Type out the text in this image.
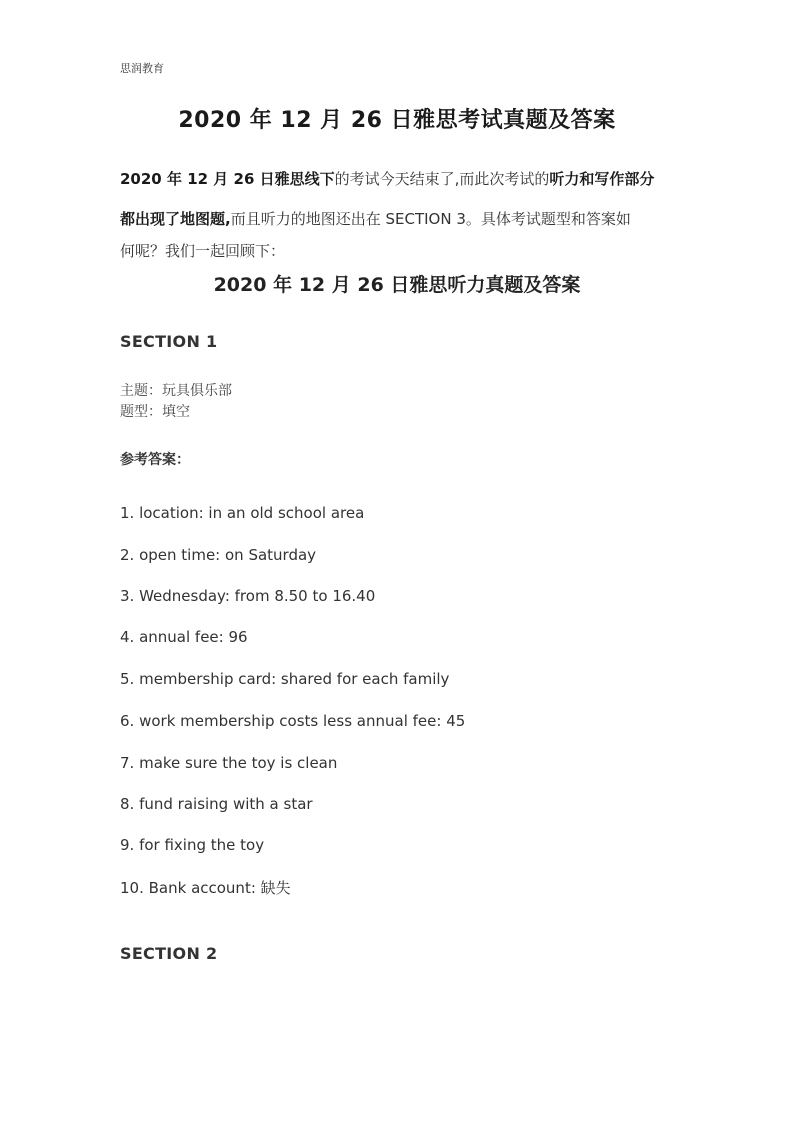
思润教育
2020 年 12 月 26 日雅思考试真题及答案
2020 年 12 月 26 日雅思线下的考试今天结束了,而此次考试的听力和写作部分
都出现了地图题,而且听力的地图还出在 SECTION 3。具体考试题型和答案如
何呢？我们一起回顾下：
2020 年 12 月 26 日雅思听力真题及答案
SECTION 1
主题：玩具俱乐部
题型：填空
参考答案：
1. location: in an old school area
2. open time: on Saturday
3. Wednesday: from 8.50 to 16.40
4. annual fee: 96
5. membership card: shared for each family
6. work membership costs less annual fee: 45
7. make sure the toy is clean
8. fund raising with a star
9. for fixing the toy
10. Bank account: 缺失
SECTION 2
